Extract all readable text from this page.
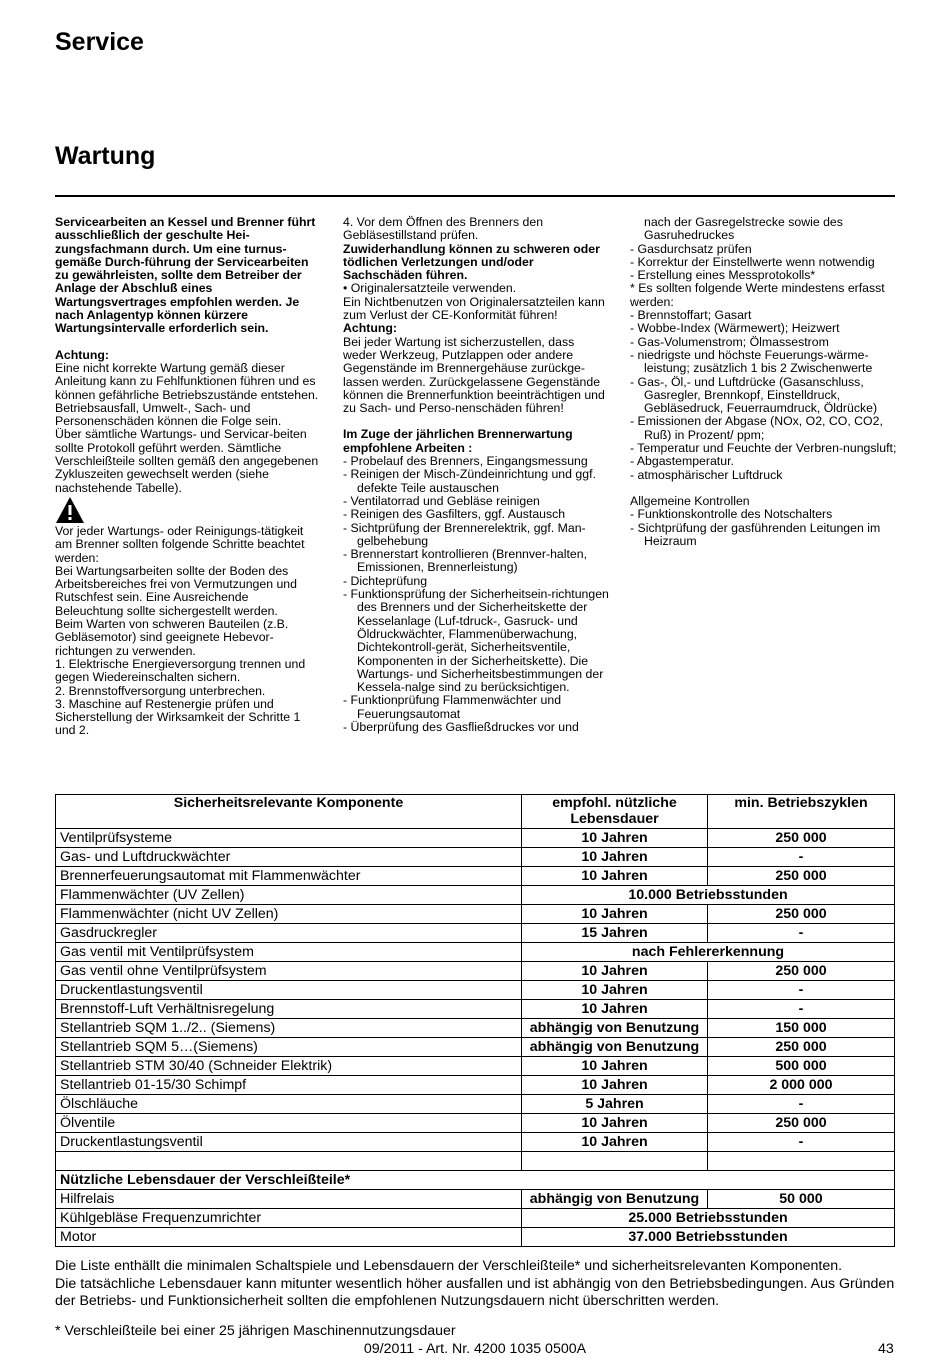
Service
Wartung

Servicearbeiten an Kessel und Brenner führt ausschließlich der geschulte Hei-zungsfachmann durch. Um eine turnus-gemäße Durch-führung der Servicearbeiten zu gewährleisten, sollte dem Betreiber der Anlage der Abschluß eines Wartungsvertrages empfohlen werden. Je nach Anlagentyp können kürzere Wartungsintervalle erforderlich sein.

Achtung:

Eine nicht korrekte Wartung gemäß dieser Anleitung kann zu Fehlfunktionen führen und es können gefährliche Betriebszustände entstehen. Betriebsausfall, Umwelt-, Sach- und Personenschäden können die Folge sein.

Über sämtliche Wartungs- und Servicar-beiten sollte Protokoll geführt werden. Sämtliche Verschleißteile sollten gemäß den angegebenen Zykluszeiten gewechselt werden (siehe nachstehende Tabelle).

Vor jeder Wartungs- oder Reinigungs-tätigkeit am Brenner sollten folgende Schritte beachtet werden:

Bei Wartungsarbeiten sollte der Boden des Arbeitsbereiches frei von Vermutzungen und Rutschfest sein. Eine Ausreichende Beleuchtung sollte sichergestellt werden.

Beim Warten von schweren Bauteilen (z.B. Gebläsemotor) sind geeignete Hebevor-richtungen zu verwenden.

1. Elektrische Energieversorgung trennen und gegen Wiedereinschalten sichern.

2. Brennstoffversorgung unterbrechen.

3. Maschine auf Restenergie prüfen und Sicherstellung der Wirksamkeit der Schritte 1 und 2.

4. Vor dem Öffnen des Brenners den Gebläsestillstand prüfen.

Zuwiderhandlung können zu schweren oder tödlichen Verletzungen und/oder Sachschäden führen.

• Originalersatzteile verwenden.

Ein Nichtbenutzen von Originalersatzteilen kann zum Verlust der CE-Konformität führen!

Achtung:

Bei jeder Wartung ist sicherzustellen, dass weder Werkzeug, Putzlappen oder andere Gegenstände im Brennergehäuse zurückge-lassen werden. Zurückgelassene Gegenstände können die Brennerfunktion beeinträchtigen und zu Sach- und Perso-nenschäden führen!

Im Zuge der jährlichen Brennerwartung empfohlene Arbeiten :

- Probelauf des Brenners, Eingangsmessung

- Reinigen der Misch-Zündeinrichtung und ggf. defekte Teile austauschen

- Ventilatorrad und Gebläse reinigen

- Reinigen des Gasfilters, ggf. Austausch

- Sichtprüfung der Brennerelektrik, ggf. Man-gelbehebung

- Brennerstart kontrollieren (Brennver-halten, Emissionen, Brennerleistung)

- Dichteprüfung

- Funktionsprüfung der Sicherheitsein-richtungen des Brenners und der Sicherheitskette der Kesselanlage (Luf-tdruck-, Gasruck- und Öldruckwächter, Flammenüberwachung, Dichtekontroll-gerät, Sicherheitsventile, Komponenten in der Sicherheitskette). Die Wartungs- und Sicherheitsbestimmungen der Kessela-nalge sind zu berücksichtigen.

- Funktionprüfung Flammenwächter und Feuerungsautomat

- Überprüfung des Gasfließdruckes vor und

nach der Gasregelstrecke sowie des Gasruhedruckes

- Gasdurchsatz prüfen

- Korrektur der Einstellwerte wenn notwendig

- Erstellung eines Messprotokolls*

* Es sollten folgende Werte mindestens erfasst werden:

- Brennstoffart; Gasart

- Wobbe-Index (Wärmewert); Heizwert

- Gas-Volumenstrom; Ölmassestrom

- niedrigste und höchste Feuerungs-wärme-leistung; zusätzlich 1 bis 2 Zwischenwerte

- Gas-, Öl,- und Luftdrücke (Gasanschluss, Gasregler, Brennkopf, Einstelldruck, Gebläsedruck, Feuerraumdruck, Öldrücke)

- Emissionen der Abgase (NOx, O2, CO, CO2, Ruß) in Prozent/ ppm;

- Temperatur und Feuchte der Verbren-nungsluft;

- Abgastemperatur.

- atmosphärischer Luftdruck

Allgemeine Kontrollen

- Funktionskontrolle des Notschalters

- Sichtprüfung der gasführenden Leitungen im Heizraum

Sicherheitsrelevante Komponente	empfohl. nützliche Lebensdauer	min. Betriebszyklen
Ventilprüfsysteme	10 Jahren	250 000
Gas- und Luftdruckwächter	10 Jahren	-
Brennerfeuerungsautomat mit Flammenwächter	10 Jahren	250 000
Flammenwächter (UV Zellen)	10.000 Betriebsstunden	
Flammenwächter (nicht UV Zellen)	10 Jahren	250 000
Gasdruckregler	15 Jahren	-
Gas ventil mit Ventilprüfsystem	nach Fehlererkennung	
Gas ventil ohne Ventilprüfsystem	10 Jahren	250 000
Druckentlastungsventil	10 Jahren	-
Brennstoff-Luft Verhältnisregelung	10 Jahren	-
Stellantrieb SQM 1../2.. (Siemens)	abhängig von Benutzung	150 000
Stellantrieb SQM 5…(Siemens)	abhängig von Benutzung	250 000
Stellantrieb STM 30/40 (Schneider Elektrik)	10 Jahren	500 000
Stellantrieb 01-15/30 Schimpf	10 Jahren	2 000 000
Ölschläuche	5 Jahren	-
Ölventile	10 Jahren	250 000
Druckentlastungsventil	10 Jahren	-

Nützliche Lebensdauer der Verschleißteile*		
Hilfrelais	abhängig von Benutzung	50 000
Kühlgebläse Frequenzumrichter	25.000 Betriebsstunden	
Motor	37.000 Betriebsstunden	

Die Liste enthällt die minimalen Schaltspiele und Lebensdauern der Verschleißteile* und sicherheitsrelevanten Komponenten.

Die tatsächliche Lebensdauer kann mitunter wesentlich höher ausfallen und ist abhängig von den Betriebsbedingungen. Aus Gründen der Betriebs- und Funktionsicherheit sollten die empfohlenen Nutzungsdauern nicht überschritten werden.

* Verschleißteile bei einer 25 jährigen Maschinennutzungsdauer
09/2011 - Art. Nr. 4200 1035 0500A	43
